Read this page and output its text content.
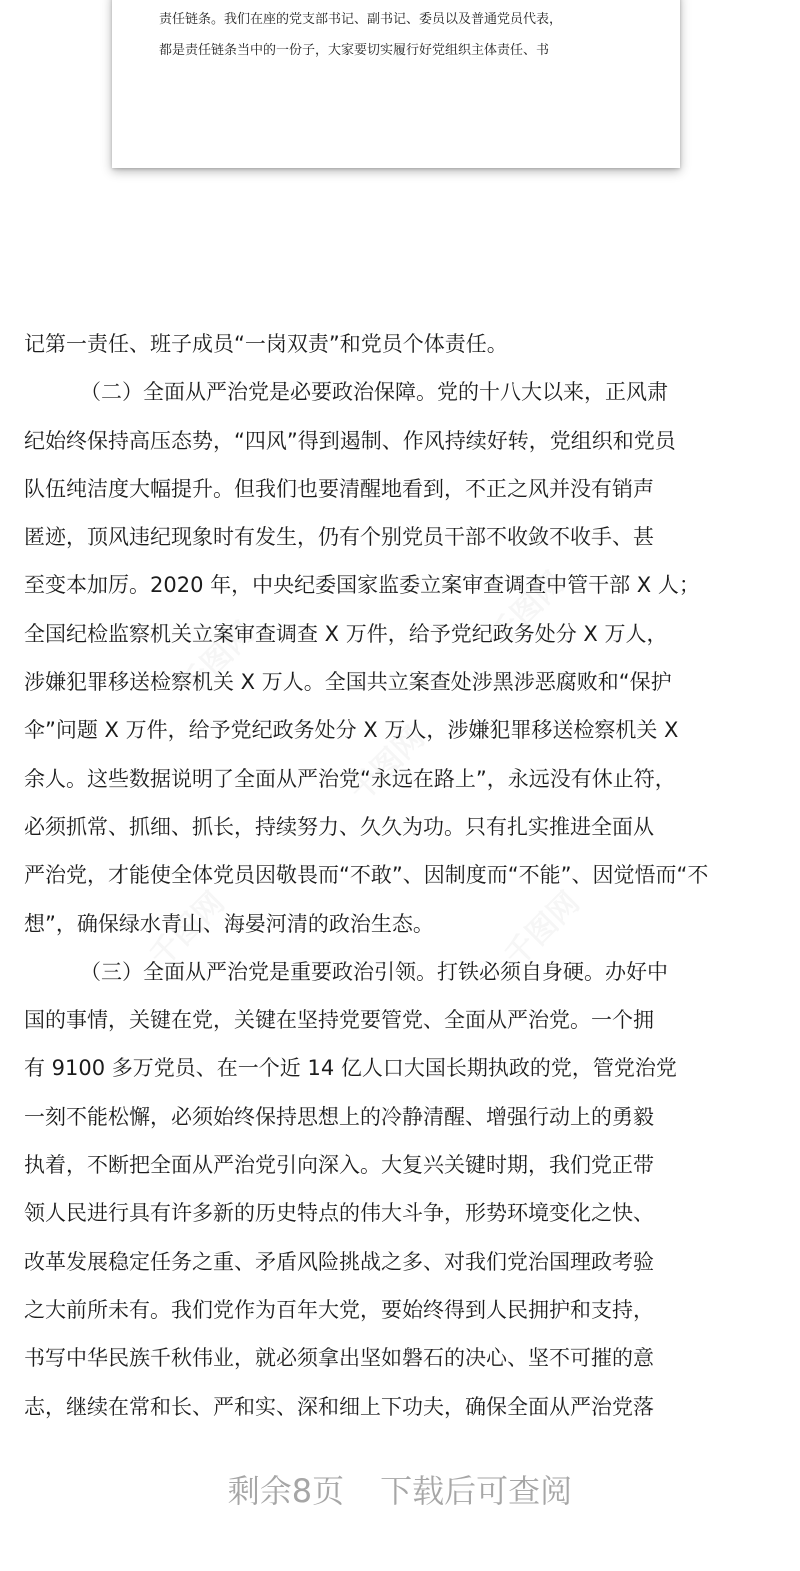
责任链条。我们在座的党支部书记、副书记、委员以及普通党员代表，
都是责任链条当中的一份子，大家要切实履行好党组织主体责任、书
千图网
千图网
千图网
千图网	千图网
记第一责任、班子成员“一岗双责”和党员个体责任。
（二）全面从严治党是必要政治保障。党的十八大以来，正风肃
纪始终保持高压态势，“四风”得到遏制、作风持续好转，党组织和党员
队伍纯洁度大幅提升。但我们也要清醒地看到，不正之风并没有销声
匿迹，顶风违纪现象时有发生，仍有个别党员干部不收敛不收手、甚
至变本加厉。2020 年，中央纪委国家监委立案审查调查中管干部 X 人；
全国纪检监察机关立案审查调查 X 万件，给予党纪政务处分 X 万人，
涉嫌犯罪移送检察机关 X 万人。全国共立案查处涉黑涉恶腐败和“保护
伞”问题 X 万件，给予党纪政务处分 X 万人，涉嫌犯罪移送检察机关 X
余人。这些数据说明了全面从严治党“永远在路上”，永远没有休止符，
必须抓常、抓细、抓长，持续努力、久久为功。只有扎实推进全面从
严治党，才能使全体党员因敬畏而“不敢”、因制度而“不能”、因觉悟而“不
想”，确保绿水青山、海晏河清的政治生态。
（三）全面从严治党是重要政治引领。打铁必须自身硬。办好中
国的事情，关键在党，关键在坚持党要管党、全面从严治党。一个拥
有 9100 多万党员、在一个近 14 亿人口大国长期执政的党，管党治党
一刻不能松懈，必须始终保持思想上的冷静清醒、增强行动上的勇毅
执着，不断把全面从严治党引向深入。大复兴关键时期，我们党正带
领人民进行具有许多新的历史特点的伟大斗争，形势环境变化之快、
改革发展稳定任务之重、矛盾风险挑战之多、对我们党治国理政考验
之大前所未有。我们党作为百年大党，要始终得到人民拥护和支持，
书写中华民族千秋伟业，就必须拿出坚如磐石的决心、坚不可摧的意
志，继续在常和长、严和实、深和细上下功夫，确保全面从严治党落
剩余8页 下载后可查阅
